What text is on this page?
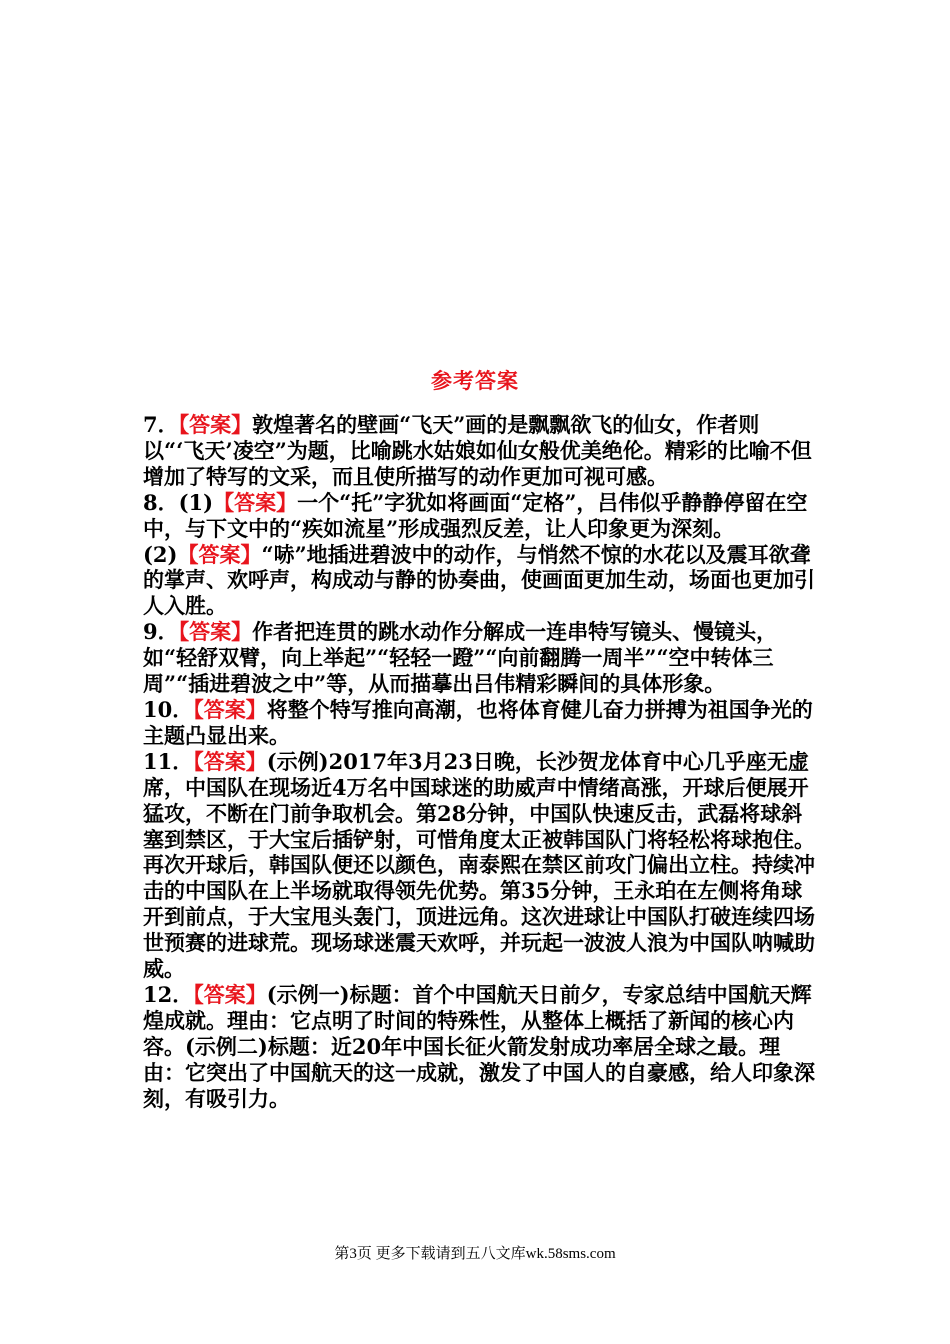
参考答案

7．【答案】敦煌著名的壁画“飞天”画的是飘飘欲飞的仙女，作者则以“‘飞天’凌空”为题，比喻跳水姑娘如仙女般优美绝伦。精彩的比喻不但增加了特写的文采，而且使所描写的动作更加可视可感。

8．(1)【答案】一个“托”字犹如将画面“定格”，吕伟似乎静静停留在空中，与下文中的“疾如流星”形成强烈反差，让人印象更为深刻。

(2)【答案】“哧”地插进碧波中的动作，与悄然不惊的水花以及震耳欲聋的掌声、欢呼声，构成动与静的协奏曲，使画面更加生动，场面也更加引人入胜。

9．【答案】作者把连贯的跳水动作分解成一连串特写镜头、慢镜头，如“轻舒双臂，向上举起”“轻轻一蹬”“向前翻腾一周半”“空中转体三周”“插进碧波之中”等，从而描摹出吕伟精彩瞬间的具体形象。

10．【答案】将整个特写推向高潮，也将体育健儿奋力拼搏为祖国争光的主题凸显出来。

11．【答案】(示例)2017年3月23日晚，长沙贺龙体育中心几乎座无虚席，中国队在现场近4万名中国球迷的助威声中情绪高涨，开球后便展开猛攻，不断在门前争取机会。第28分钟，中国队快速反击，武磊将球斜塞到禁区，于大宝后插铲射，可惜角度太正被韩国队门将轻松将球抱住。再次开球后，韩国队便还以颜色，南泰熙在禁区前攻门偏出立柱。持续冲击的中国队在上半场就取得领先优势。第35分钟，王永珀在左侧将角球开到前点，于大宝甩头轰门，顶进远角。这次进球让中国队打破连续四场世预赛的进球荒。现场球迷震天欢呼，并玩起一波波人浪为中国队呐喊助威。

12．【答案】(示例一)标题：首个中国航天日前夕，专家总结中国航天辉煌成就。理由：它点明了时间的特殊性，从整体上概括了新闻的核心内容。(示例二)标题：近20年中国长征火箭发射成功率居全球之最。理由：它突出了中国航天的这一成就，激发了中国人的自豪感，给人印象深刻，有吸引力。

第3页 更多下载请到五八文库wk.58sms.com
